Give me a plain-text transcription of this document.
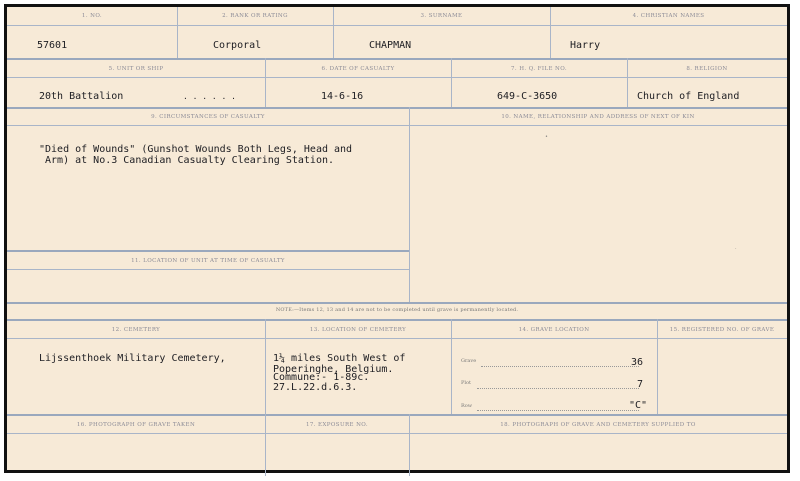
1. NO.
57601
2. RANK OR RATING
Corporal
3. SURNAME
CHAPMAN
4. CHRISTIAN NAMES
Harry
5. UNIT OR SHIP
20th Battalion	. . . . . .
6. DATE OF CASUALTY
14-6-16
7. H. Q. FILE NO.
649-C-3650
8. RELIGION
Church of England
9. CIRCUMSTANCES OF CASUALTY
"Died of Wounds" (Gunshot Wounds Both Legs, Head and
Arm) at No.3 Canadian Casualty Clearing Station.
10. NAME, RELATIONSHIP AND ADDRESS OF NEXT OF KIN
•
·
11. LOCATION OF UNIT AT TIME OF CASUALTY
NOTE:—Items 12, 13 and 14 are not to be completed until grave is permanently located.
12. CEMETERY
Lijssenthoek Military Cemetery,
13. LOCATION OF CEMETERY
1¼ miles South West of
Poperinghe, Belgium.
Commune:- 1-89c.
27.L.22.d.6.3.
14. GRAVE LOCATION
Grave	36
Plot	7
Row	"C"
15. REGISTERED NO. OF GRAVE
16. PHOTOGRAPH OF GRAVE TAKEN	17. EXPOSURE NO.	18. PHOTOGRAPH OF GRAVE AND CEMETERY SUPPLIED TO
